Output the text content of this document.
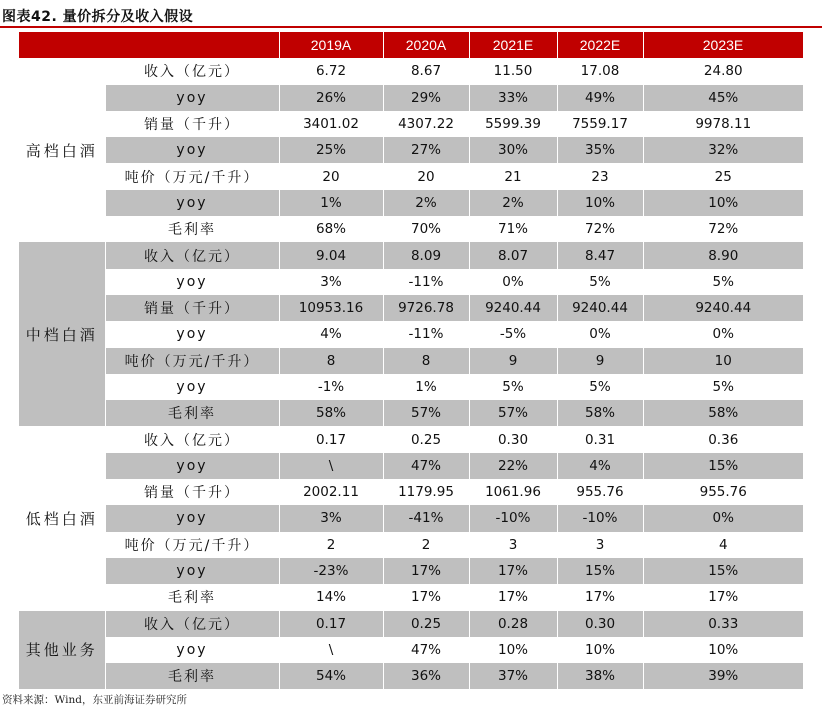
图表42. 量价拆分及收入假设
		2019A	2020A	2021E	2022E	2023E
高档白酒	收入（亿元）	6.72	8.67	11.50	17.08	24.80
	yoy	26%	29%	33%	49%	45%
	销量（千升）	3401.02	4307.22	5599.39	7559.17	9978.11
	yoy	25%	27%	30%	35%	32%
	吨价（万元/千升）	20	20	21	23	25
	yoy	1%	2%	2%	10%	10%
	毛利率	68%	70%	71%	72%	72%
中档白酒	收入（亿元）	9.04	8.09	8.07	8.47	8.90
	yoy	3%	-11%	0%	5%	5%
	销量（千升）	10953.16	9726.78	9240.44	9240.44	9240.44
	yoy	4%	-11%	-5%	0%	0%
	吨价（万元/千升）	8	8	9	9	10
	yoy	-1%	1%	5%	5%	5%
	毛利率	58%	57%	57%	58%	58%
低档白酒	收入（亿元）	0.17	0.25	0.30	0.31	0.36
	yoy	\	47%	22%	4%	15%
	销量（千升）	2002.11	1179.95	1061.96	955.76	955.76
	yoy	3%	-41%	-10%	-10%	0%
	吨价（万元/千升）	2	2	3	3	4
	yoy	-23%	17%	17%	15%	15%
	毛利率	14%	17%	17%	17%	17%
其他业务	收入（亿元）	0.17	0.25	0.28	0.30	0.33
	yoy	\	47%	10%	10%	10%
	毛利率	54%	36%	37%	38%	39%
资料来源：Wind，东亚前海证券研究所
